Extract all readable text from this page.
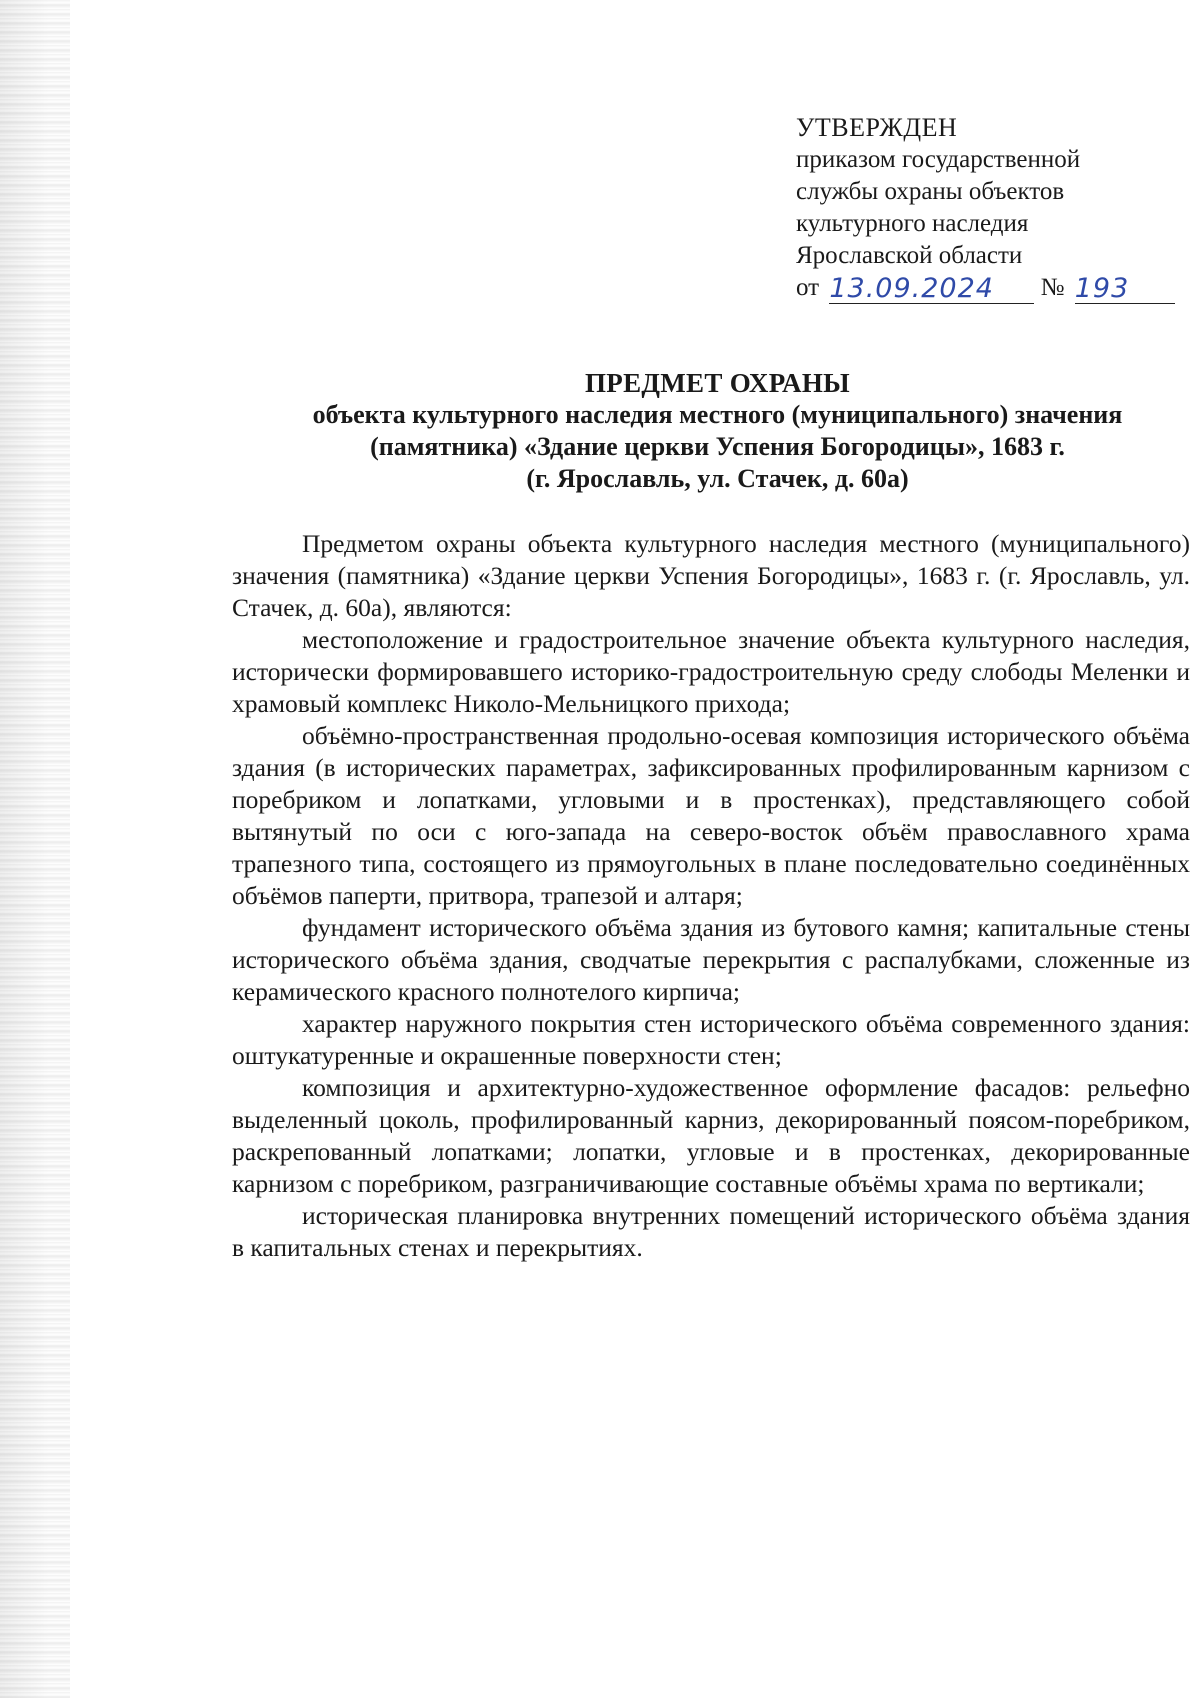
УТВЕРЖДЕН
приказом государственной
службы охраны объектов
культурного наследия
Ярославской области
от 13.09.2024 № 193
ПРЕДМЕТ ОХРАНЫ
объекта культурного наследия местного (муниципального) значения
(памятника) «Здание церкви Успения Богородицы», 1683 г.
(г. Ярославль, ул. Стачек, д. 60а)

Предметом охраны объекта культурного наследия местного (муниципального) значения (памятника) «Здание церкви Успения Богородицы», 1683 г. (г. Ярославль, ул. Стачек, д. 60а), являются:

местоположение и градостроительное значение объекта культурного наследия, исторически формировавшего историко-градостроительную среду слободы Меленки и храмовый комплекс Николо-Мельницкого прихода;

объёмно-пространственная продольно-осевая композиция исторического объёма здания (в исторических параметрах, зафиксированных профилированным карнизом с поребриком и лопатками, угловыми и в простенках), представляющего собой вытянутый по оси с юго-запада на северо-восток объём православного храма трапезного типа, состоящего из прямоугольных в плане последовательно соединённых объёмов паперти, притвора, трапезой и алтаря;

фундамент исторического объёма здания из бутового камня; капитальные стены исторического объёма здания, сводчатые перекрытия с распалубками, сложенные из керамического красного полнотелого кирпича;

характер наружного покрытия стен исторического объёма современного здания: оштукатуренные и окрашенные поверхности стен;

композиция и архитектурно-художественное оформление фасадов: рельефно выделенный цоколь, профилированный карниз, декорированный поясом-поребриком, раскрепованный лопатками; лопатки, угловые и в простенках, декорированные карнизом с поребриком, разграничивающие составные объёмы храма по вертикали;

историческая планировка внутренних помещений исторического объёма здания в капитальных стенах и перекрытиях.
